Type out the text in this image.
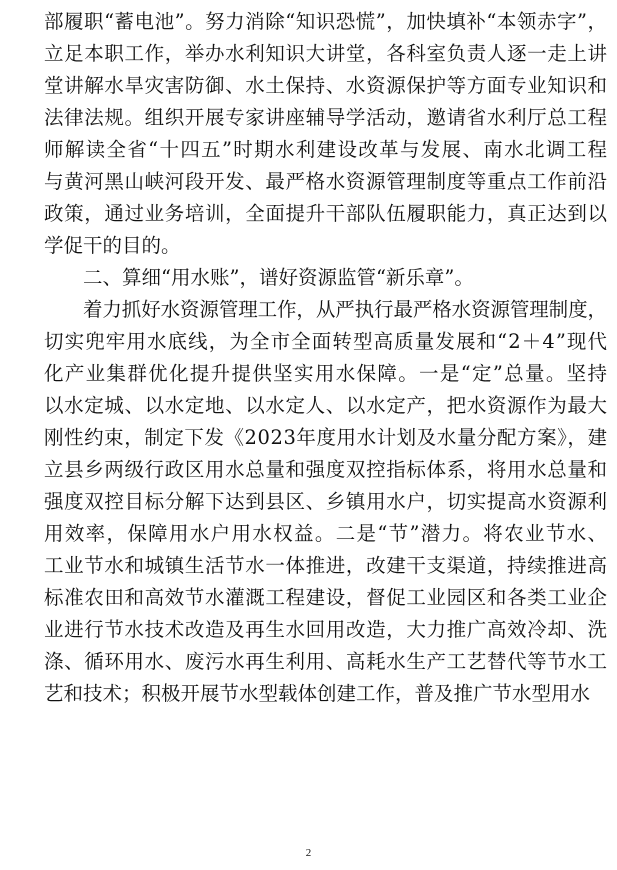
部履职“蓄电池”。努力消除“知识恐慌”，加快填补“本领赤字”，
立足本职工作，举办水利知识大讲堂，各科室负责人逐一走上讲
堂讲解水旱灾害防御、水土保持、水资源保护等方面专业知识和
法律法规。组织开展专家讲座辅导学活动，邀请省水利厅总工程
师解读全省“十四五”时期水利建设改革与发展、南水北调工程
与黄河黑山峡河段开发、最严格水资源管理制度等重点工作前沿
政策，通过业务培训，全面提升干部队伍履职能力，真正达到以
学促干的目的。
二、算细“用水账”，谱好资源监管“新乐章”。
着力抓好水资源管理工作，从严执行最严格水资源管理制度，
切实兜牢用水底线，为全市全面转型高质量发展和“2＋4”现代
化产业集群优化提升提供坚实用水保障。一是“定”总量。坚持
以水定城、以水定地、以水定人、以水定产，把水资源作为最大
刚性约束，制定下发《2023年度用水计划及水量分配方案》，建
立县乡两级行政区用水总量和强度双控指标体系，将用水总量和
强度双控目标分解下达到县区、乡镇用水户，切实提高水资源利
用效率，保障用水户用水权益。二是“节”潜力。将农业节水、
工业节水和城镇生活节水一体推进，改建干支渠道，持续推进高
标准农田和高效节水灌溉工程建设，督促工业园区和各类工业企
业进行节水技术改造及再生水回用改造，大力推广高效冷却、洗
涤、循环用水、废污水再生利用、高耗水生产工艺替代等节水工
艺和技术；积极开展节水型载体创建工作，普及推广节水型用水
2
